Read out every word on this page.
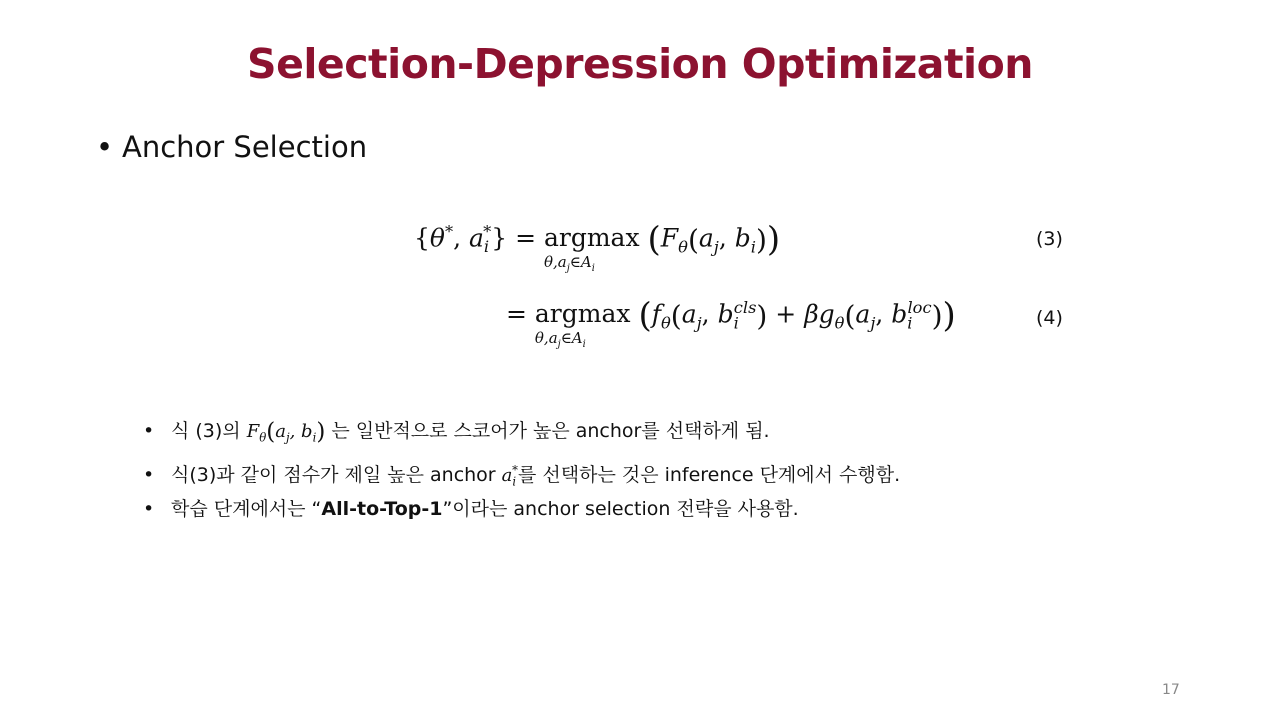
Selection-Depression Optimization
• Anchor Selection
{θ*, $a_i^*\} = argmax$
$\theta,a_j\in A_i$
($F_\theta(a_j$, $b_i$))	(3)
= argmax
$\theta,a_j\in A_i$
($f_\theta(a_j$, $b_i^{cls}) + \beta g_\theta(a_j$, $b_i^{loc}$))	(4)
• 식 (3)의 $F_\theta(a_j$, $b_i$) 는 일반적으로 스코어가 높은 anchor를 선택하게 됨.
• 식(3)과 같이 점수가 제일 높은 anchor $a_i^*$를 선택하는 것은 inference 단계에서 수행함.
• 학습 단계에서는 “All-to-Top-1”이라는 anchor selection 전략을 사용함.
17
